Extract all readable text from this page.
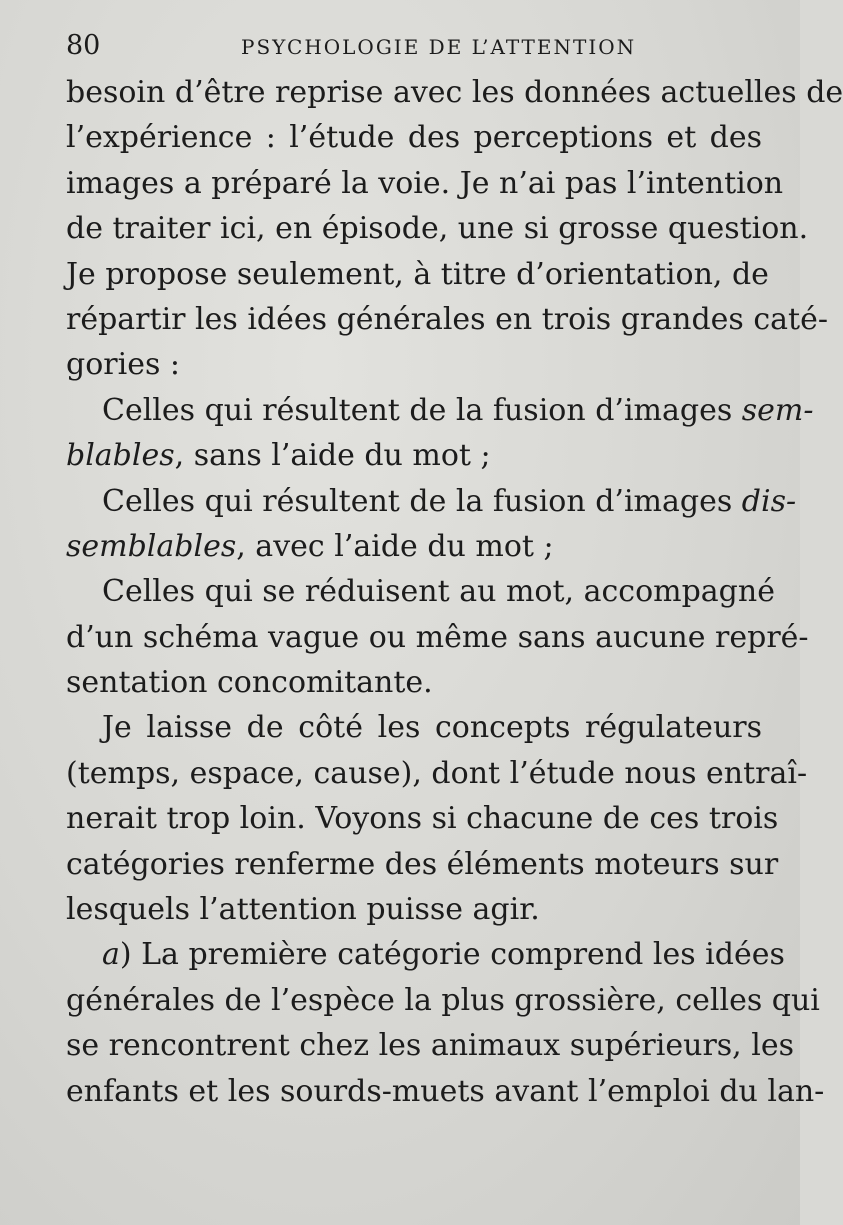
80	PSYCHOLOGIE DE L’ATTENTION
besoin d’être reprise avec les données actuelles de
l’expérience : l’étude des perceptions et des
images a préparé la voie. Je n’ai pas l’intention
de traiter ici, en épisode, une si grosse question.
Je propose seulement, à titre d’orientation, de
répartir les idées générales en trois grandes caté-
gories :
Celles qui résultent de la fusion d’images sem-
blables, sans l’aide du mot ;
Celles qui résultent de la fusion d’images dis-
semblables, avec l’aide du mot ;
Celles qui se réduisent au mot, accompagné
d’un schéma vague ou même sans aucune repré-
sentation concomitante.
Je laisse de côté les concepts régulateurs
(temps, espace, cause), dont l’étude nous entraî-
nerait trop loin. Voyons si chacune de ces trois
catégories renferme des éléments moteurs sur
lesquels l’attention puisse agir.
a) La première catégorie comprend les idées
générales de l’espèce la plus grossière, celles qui
se rencontrent chez les animaux supérieurs, les
enfants et les sourds-muets avant l’emploi du lan-
